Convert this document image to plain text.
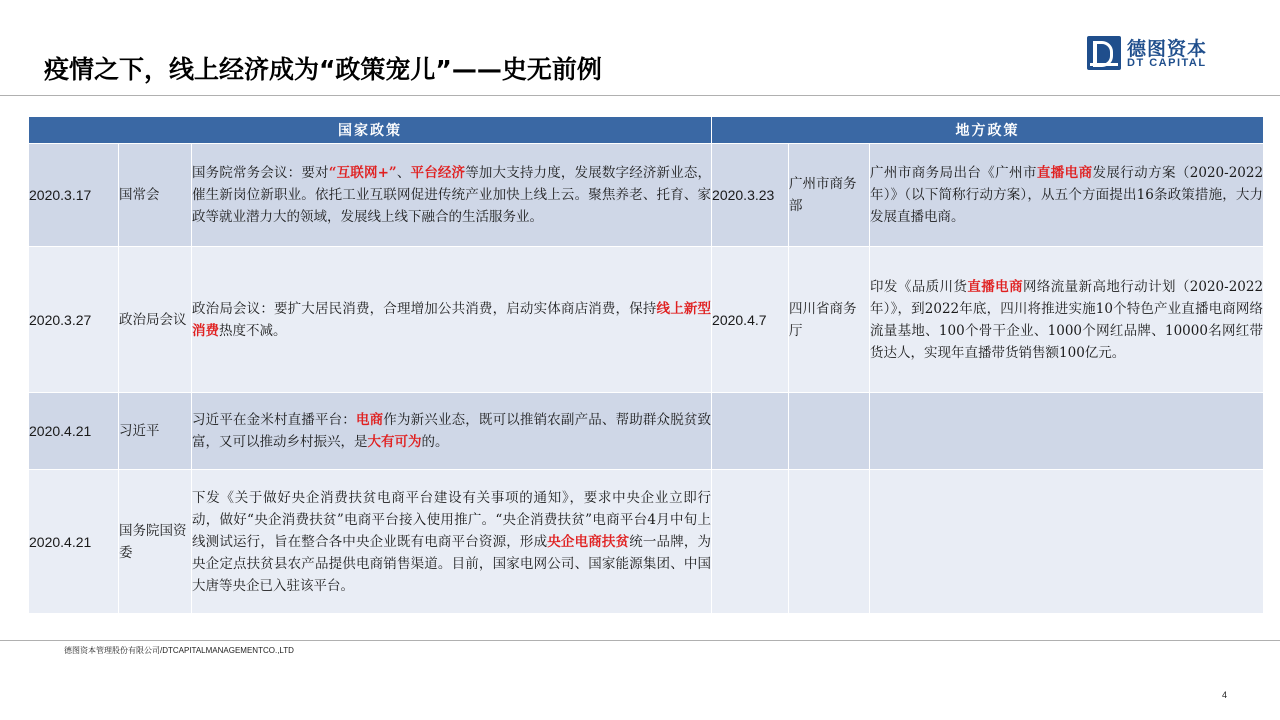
疫情之下，线上经济成为“政策宠儿”——史无前例
德图资本
DT CAPITAL
国家政策			地方政策		
2020.3.17	国常会	国务院常务会议：要对“互联网+”、平台经济等加大支持力度，发展数字经济新业态，催生新岗位新职业。依托工业互联网促进传统产业加快上线上云。聚焦养老、托育、家政等就业潜力大的领域，发展线上线下融合的生活服务业。	2020.3.23	广州市商务部	广州市商务局出台《广州市直播电商发展行动方案（2020-2022年）》（以下简称行动方案），从五个方面提出16条政策措施，大力发展直播电商。
2020.3.27	政治局会议	政治局会议：要扩大居民消费，合理增加公共消费，启动实体商店消费，保持线上新型消费热度不减。	2020.4.7	四川省商务厅	印发《品质川货直播电商网络流量新高地行动计划（2020-2022年）》，到2022年底，四川将推进实施10个特色产业直播电商网络流量基地、100个骨干企业、1000个网红品牌、10000名网红带货达人，实现年直播带货销售额100亿元。
2020.4.21	习近平	习近平在金米村直播平台：电商作为新兴业态，既可以推销农副产品、帮助群众脱贫致富，又可以推动乡村振兴，是大有可为的。			
2020.4.21	国务院国资委	下发《关于做好央企消费扶贫电商平台建设有关事项的通知》，要求中央企业立即行动，做好“央企消费扶贫”电商平台接入使用推广。“央企消费扶贫”电商平台4月中旬上线测试运行，旨在整合各中央企业既有电商平台资源，形成央企电商扶贫统一品牌，为央企定点扶贫县农产品提供电商销售渠道。目前，国家电网公司、国家能源集团、中国大唐等央企已入驻该平台。			
德图资本管理股份有限公司/DTCAPITALMANAGEMENTCO.,LTD
4
